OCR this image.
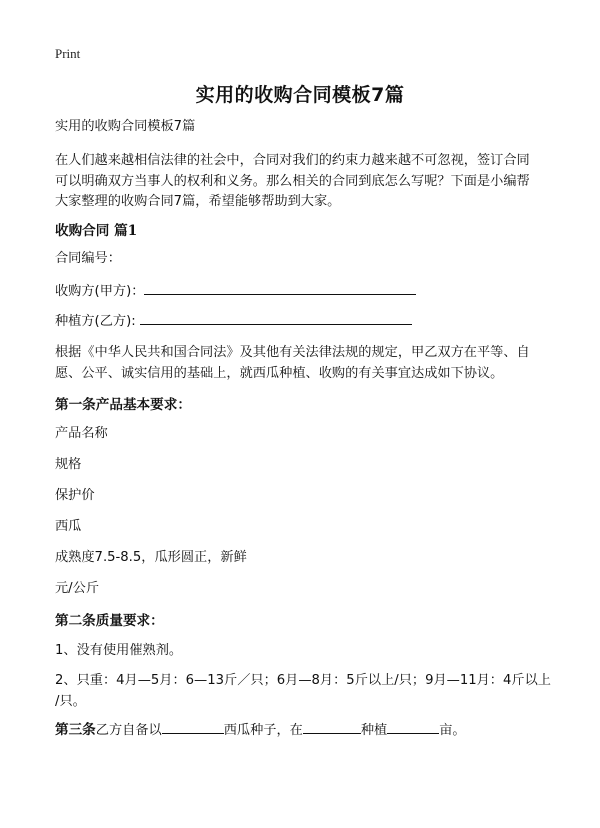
Print
实用的收购合同模板7篇
实用的收购合同模板7篇
在人们越来越相信法律的社会中，合同对我们的约束力越来越不可忽视，签订合同
可以明确双方当事人的权利和义务。那么相关的合同到底怎么写呢？下面是小编帮
大家整理的收购合同7篇，希望能够帮助到大家。
收购合同 篇1
合同编号：
收购方(甲方)：
种植方(乙方):
根据《中华人民共和国合同法》及其他有关法律法规的规定，甲乙双方在平等、自
愿、公平、诚实信用的基础上，就西瓜种植、收购的有关事宜达成如下协议。
第一条产品基本要求：
产品名称
规格
保护价
西瓜
成熟度7.5-8.5，瓜形圆正，新鲜
元/公斤
第二条质量要求：
1、没有使用催熟剂。
2、只重：4月—5月：6—13斤／只；6月—8月：5斤以上/只；9月—11月：4斤以上
/只。
第三条乙方自备以	西瓜种子，在	种植	亩。
